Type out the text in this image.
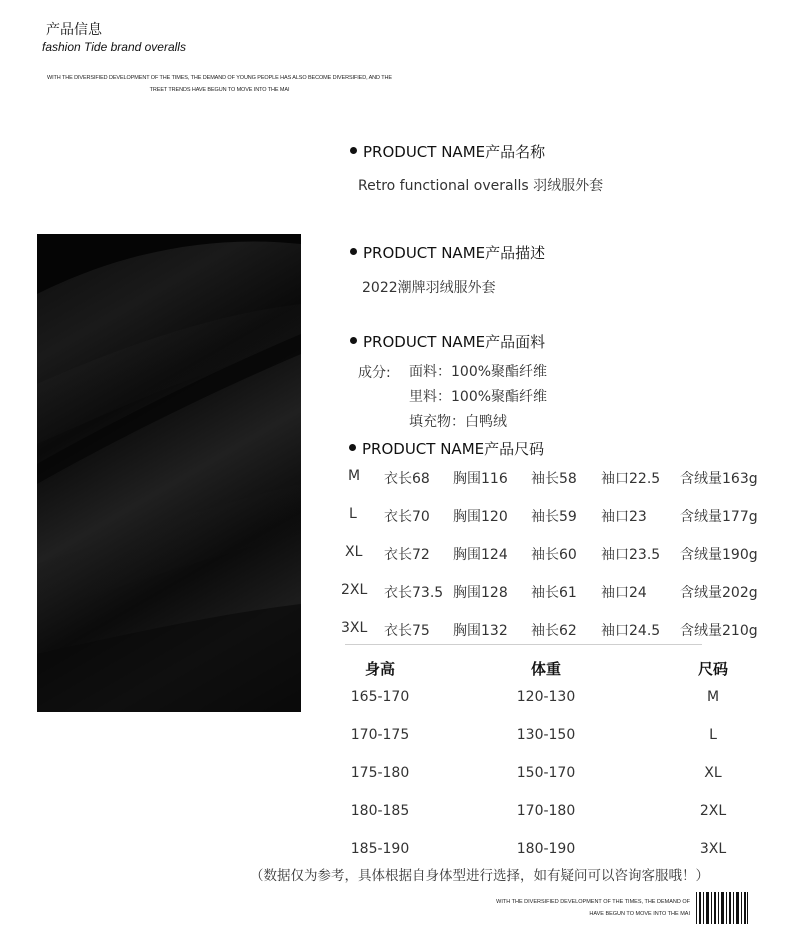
产品信息
fashion Tide brand overalls
WITH THE DIVERSIFIED DEVELOPMENT OF THE TIMES, THE DEMAND OF YOUNG PEOPLE HAS ALSO BECOME DIVERSIFIED, AND THE
TREET TRENDS HAVE BEGUN TO MOVE INTO THE MAI
PRODUCT NAME产品名称
Retro functional overalls 羽绒服外套
PRODUCT NAME产品描述
2022潮牌羽绒服外套
PRODUCT NAME产品面料
成分: 面料：100%聚酯纤维
里料：100%聚酯纤维
填充物：白鸭绒
PRODUCT NAME产品尺码
M 衣长68 胸围116 袖长58 袖口22.5 含绒量163g
L 衣长70 胸围120 袖长59 袖口23 含绒量177g
XL 衣长72 胸围124 袖长60 袖口23.5 含绒量190g
2XL 衣长73.5 胸围128 袖长61 袖口24 含绒量202g
3XL 衣长75 胸围132 袖长62 袖口24.5 含绒量210g
身高	体重	尺码
165-170	120-130	M
170-175	130-150	L
175-180	150-170	XL
180-185	170-180	2XL
185-190	180-190	3XL
（数据仅为参考，具体根据自身体型进行选择，如有疑问可以咨询客服哦！）
WITH THE DIVERSIFIED DEVELOPMENT OF THE TIMES, THE DEMAND OF
HAVE BEGUN TO MOVE INTO THE MAI
